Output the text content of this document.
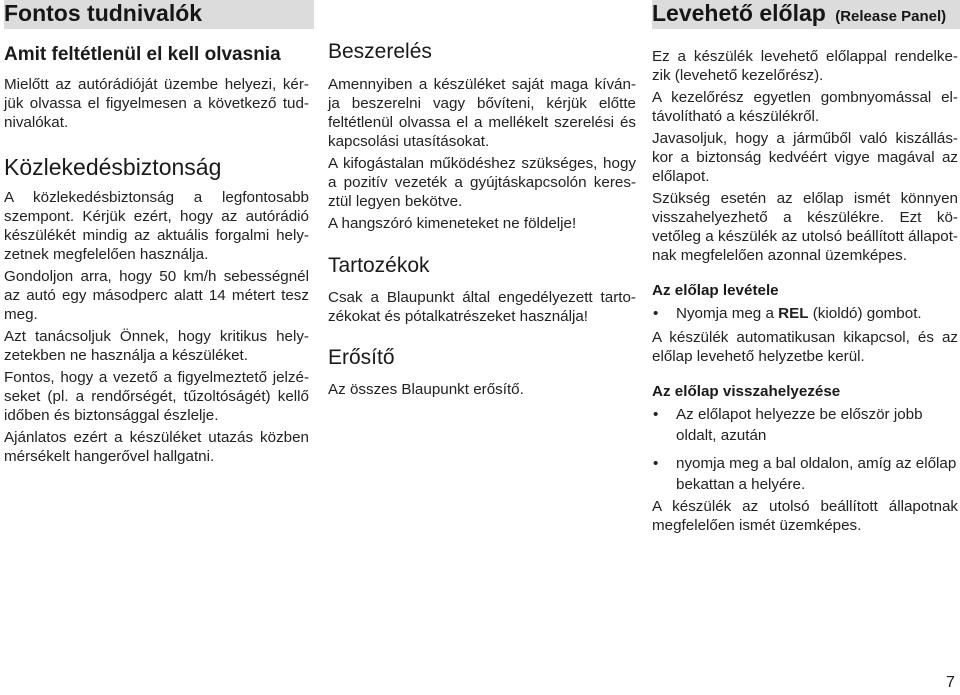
Fontos tudnivalók	Levehető előlap (Release Panel)
Amit feltétlenül el kell olvasnia

Mielőtt az autórádióját üzembe helyezi, kér-jük olvassa el figyelmesen a következő tud-nivalókat.

Közlekedésbiztonság

A közlekedésbiztonság a legfontosabb szempont. Kérjük ezért, hogy az autórádió készülékét mindig az aktuális forgalmi hely-zetnek megfelelően használja.

Gondoljon arra, hogy 50 km/h sebességnél az autó egy másodperc alatt 14 métert tesz meg.

Azt tanácsoljuk Önnek, hogy kritikus hely-zetekben ne használja a készüléket.

Fontos, hogy a vezető a figyelmeztető jelzé-seket (pl. a rendőrségét, tűzoltóságét) kellő időben és biztonsággal észlelje.

Ajánlatos ezért a készüléket utazás közben mérsékelt hangerővel hallgatni.

Beszerelés

Amennyiben a készüléket saját maga kíván-ja beszerelni vagy bővíteni, kérjük előtte feltétlenül olvassa el a mellékelt szerelési és kapcsolási utasításokat.

A kifogástalan működéshez szükséges, hogy a pozitív vezeték a gyújtáskapcsolón keres-ztül legyen bekötve.

A hangszóró kimeneteket ne földelje!

Tartozékok

Csak a Blaupunkt által engedélyezett tarto-zékokat és pótalkatrészeket használja!

Erősítő

Az összes Blaupunkt erősítő.

Ez a készülék levehető előlappal rendelke-zik (levehető kezelőrész).

A kezelőrész egyetlen gombnyomással el-távolítható a készülékről.

Javasoljuk, hogy a járműből való kiszállás-kor a biztonság kedvéért vigye magával az előlapot.

Szükség esetén az előlap ismét könnyen visszahelyezhető a készülékre. Ezt kö-vetőleg a készülék az utolsó beállított állapot-nak megfelelően azonnal üzemképes.

Az előlap levétele
• Nyomja meg a REL (kioldó) gombot.

A készülék automatikusan kikapcsol, és az előlap levehető helyzetbe kerül.

Az előlap visszahelyezése
• Az előlapot helyezze be először jobb oldalt, azután
• nyomja meg a bal oldalon, amíg az előlap bekattan a helyére.

A készülék az utolsó beállított állapotnak megfelelően ismét üzemképes.

7
